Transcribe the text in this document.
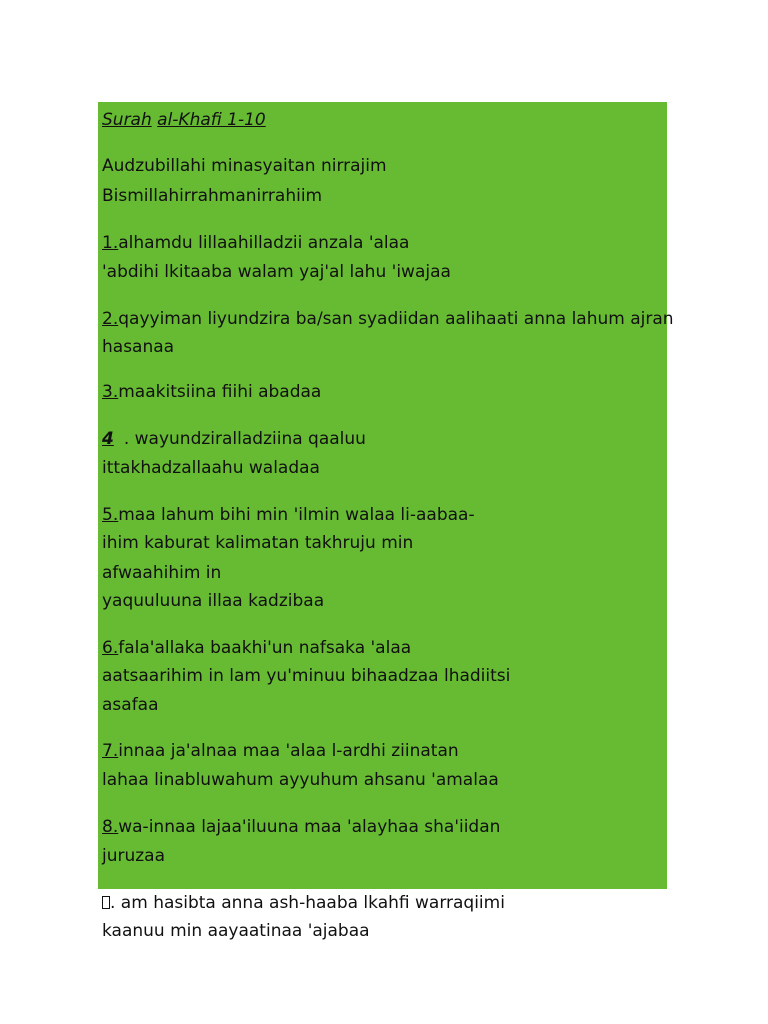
Surah al-Khafi 1-10
Audzubillahi minasyaitan nirrajim
Bismillahirrahmanirrahiim
1.alhamdu lillaahilladzii anzala 'alaa
'abdihi lkitaaba walam yaj'al lahu 'iwajaa
2.qayyiman liyundzira ba/san syadiidan aalihaati anna lahum ajran
hasanaa
3.maakitsiina fiihi abadaa
4 . wayundziralladziina qaaluu
ittakhadzallaahu waladaa
5.maa lahum bihi min 'ilmin walaa li-aabaa-
ihim kaburat kalimatan takhruju min
afwaahihim in
yaquuluuna illaa kadzibaa
6.fala'allaka baakhi'un nafsaka 'alaa
aatsaarihim in lam yu'minuu bihaadzaa lhadiitsi
asafaa
7.innaa ja'alnaa maa 'alaa l-ardhi ziinatan
lahaa linabluwahum ayyuhum ahsanu 'amalaa
8.wa-innaa lajaa'iluuna maa 'alayhaa sha'iidan
juruzaa
. am hasibta anna ash-haaba lkahfi warraqiimi
kaanuu min aayaatinaa 'ajabaa
